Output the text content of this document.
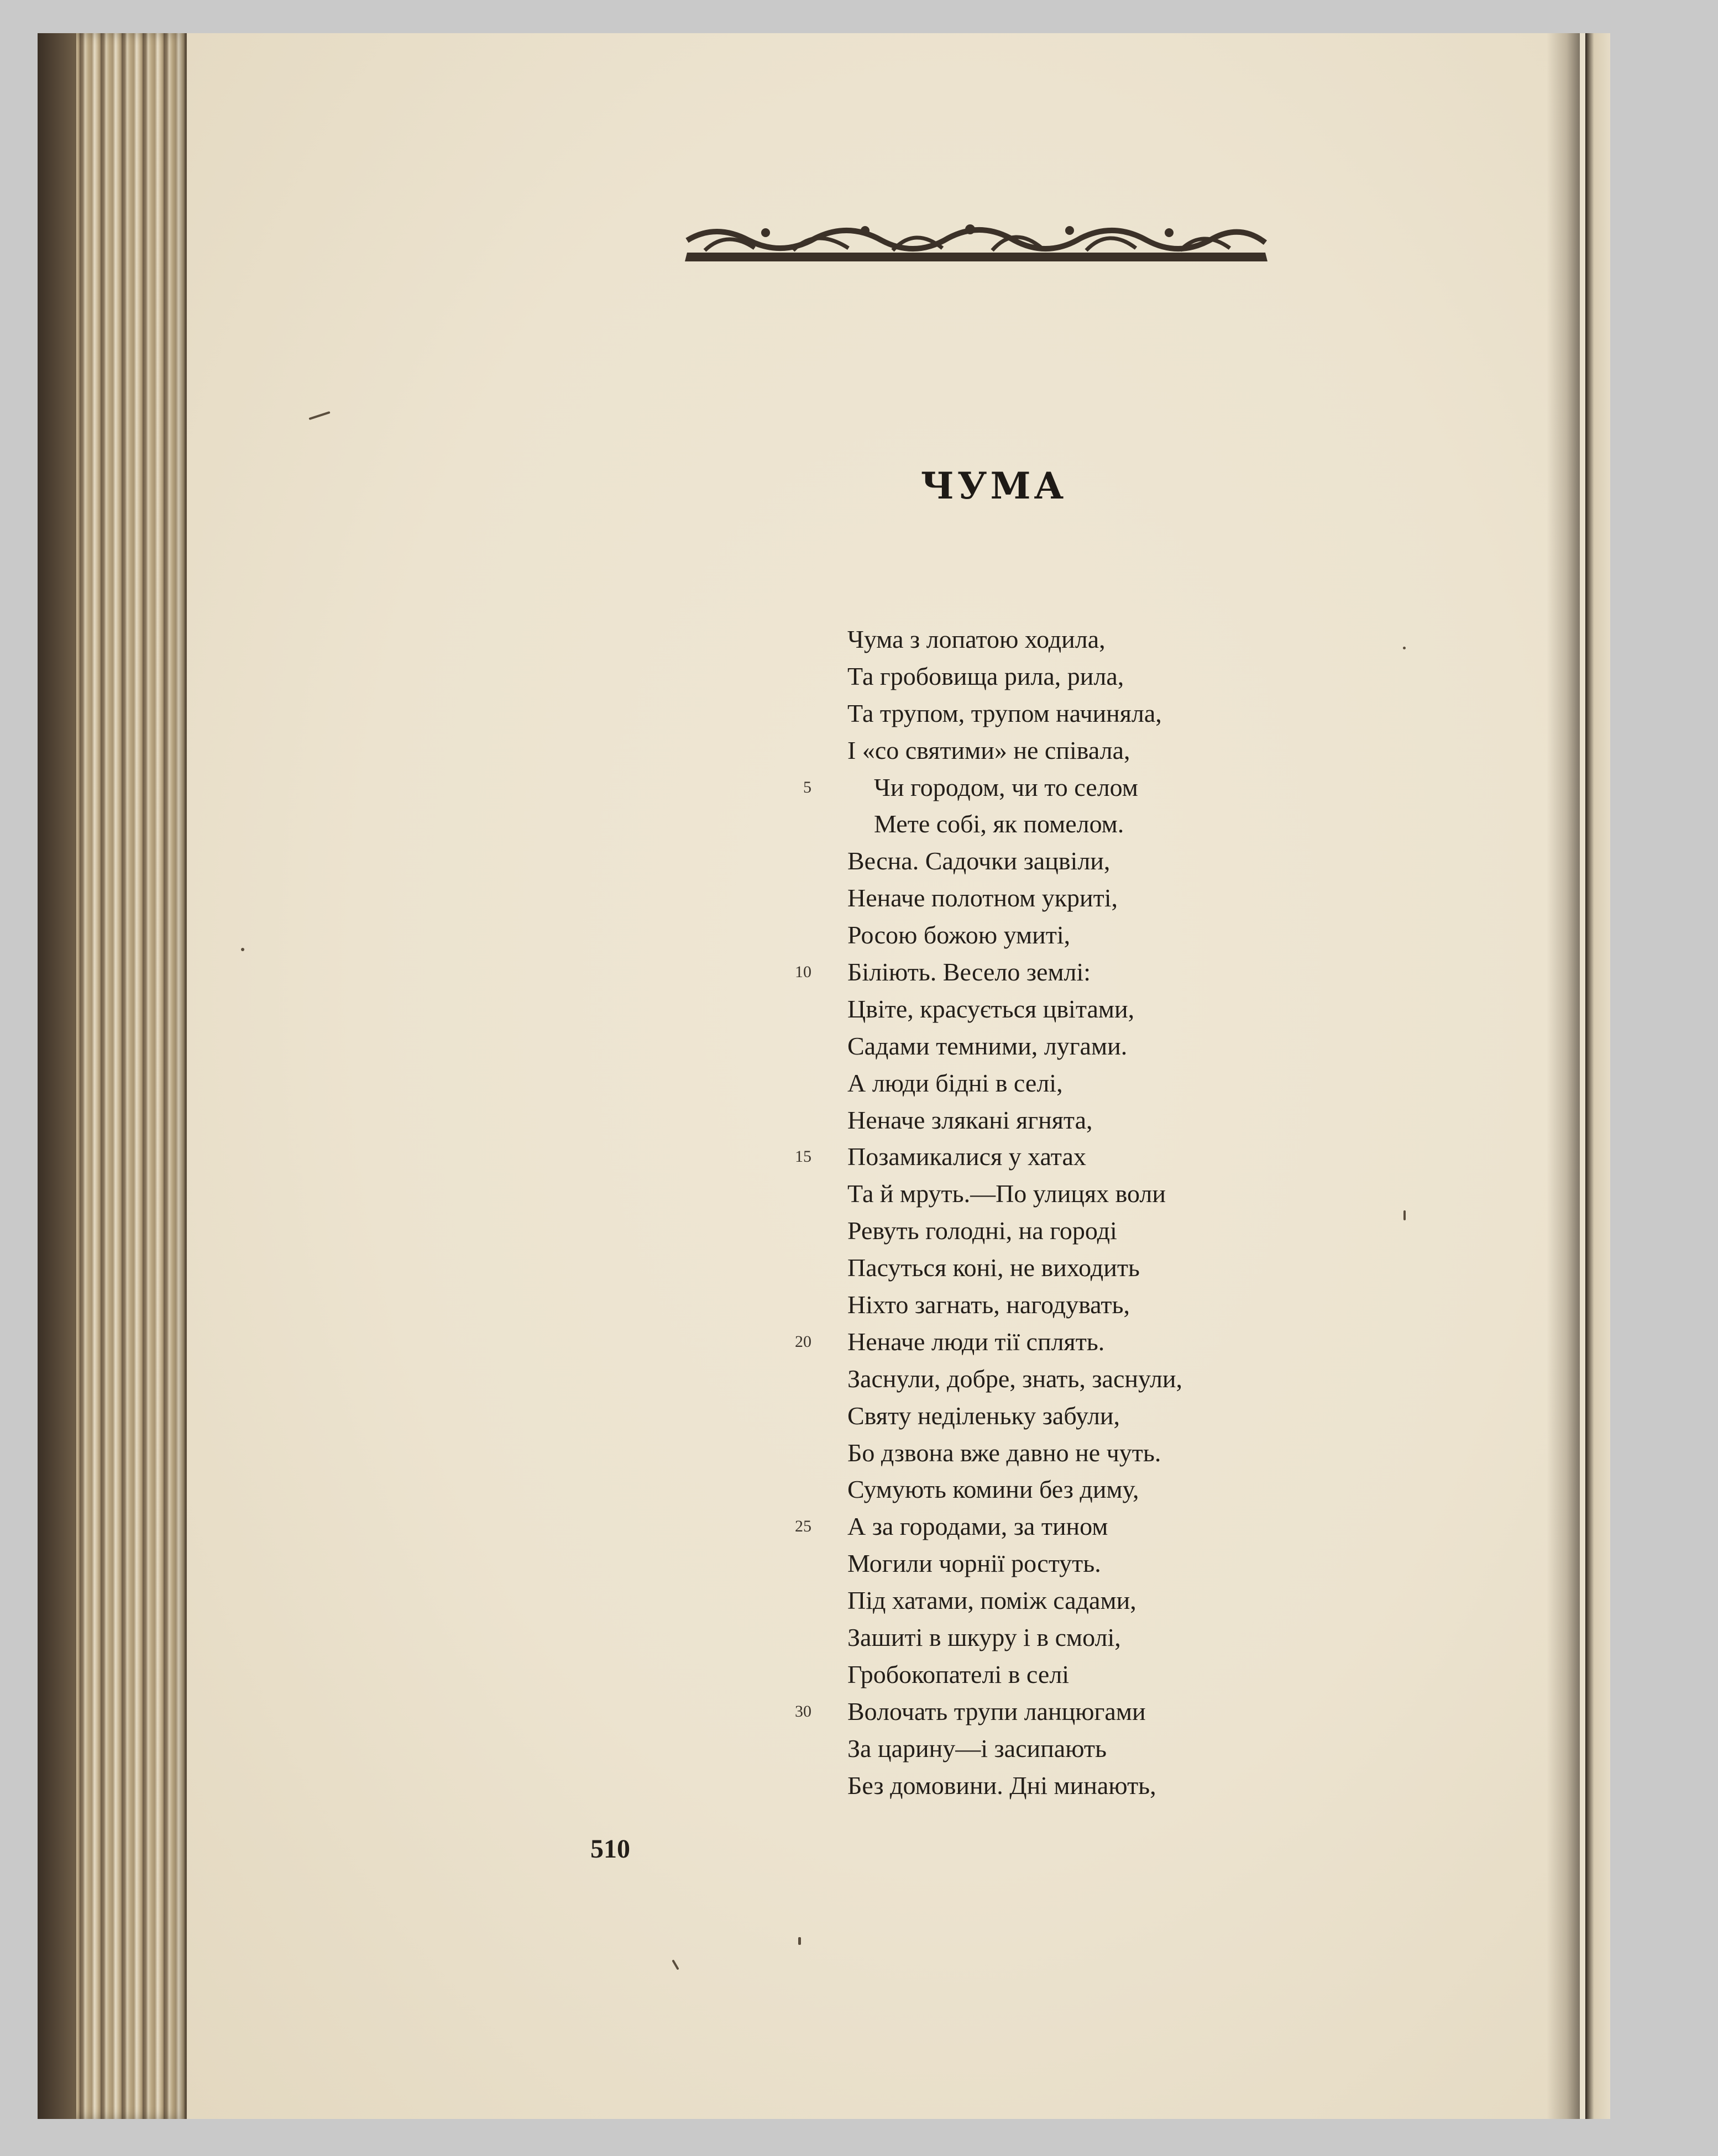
ЧУМА
Чума з лопатою ходила,
Та гробовища рила, рила,
Та трупом, трупом начиняла,
І «со святими» не співала,
5 Чи городом, чи то селом
Мете собі, як помелом.
Весна. Садочки зацвіли,
Неначе полотном укриті,
Росою божою умиті,
10 Біліють. Весело землі:
Цвіте, красується цвітами,
Садами темними, лугами.
А люди бідні в селі,
Неначе злякані ягнята,
15 Позамикалися у хатах
Та й мруть.—По улицях воли
Ревуть голодні, на городі
Пасуться коні, не виходить
Ніхто загнать, нагодувать,
20 Неначе люди тії сплять.
Заснули, добре, знать, заснули,
Святу неділеньку забули,
Бо дзвона вже давно не чуть.
Сумують комини без диму,
25 А за городами, за тином
Могили чорнії ростуть.
Під хатами, поміж садами,
Зашиті в шкуру і в смолі,
Гробокопателі в селі
30 Волочать трупи ланцюгами
За царину—і засипають
Без домовини. Дні минають,
510
